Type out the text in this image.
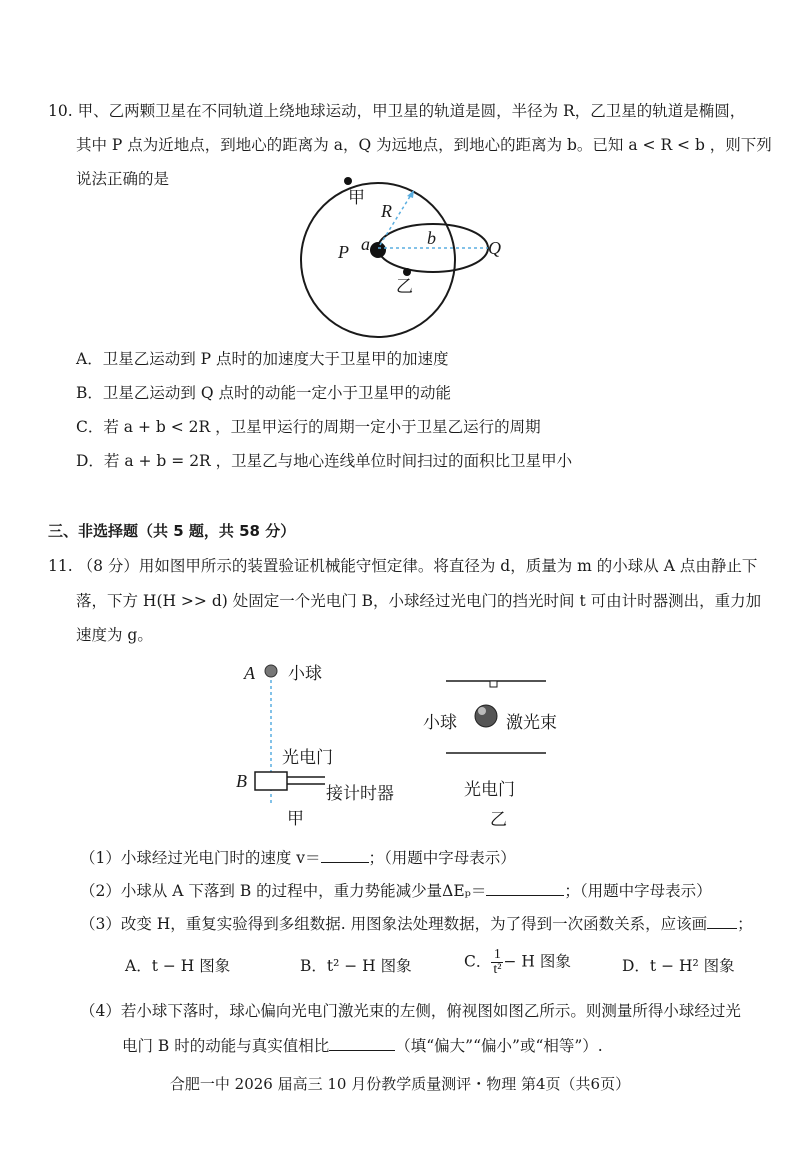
10. 甲、乙两颗卫星在不同轨道上绕地球运动，甲卫星的轨道是圆，半径为 R，乙卫星的轨道是椭圆，
其中 P 点为近地点，到地心的距离为 a，Q 为远地点，到地心的距离为 b。已知 a < R < b ，则下列
说法正确的是
甲
乙
R
a	b
P	Q
A．卫星乙运动到 P 点时的加速度大于卫星甲的加速度
B．卫星乙运动到 Q 点时的动能一定小于卫星甲的动能
C．若 a + b < 2R ，卫星甲运行的周期一定小于卫星乙运行的周期
D．若 a + b = 2R ，卫星乙与地心连线单位时间扫过的面积比卫星甲小
三、非选择题（共 5 题，共 58 分）
11. （8 分）用如图甲所示的装置验证机械能守恒定律。将直径为 d，质量为 m 的小球从 A 点由静止下
落，下方 H(H >> d) 处固定一个光电门 B，小球经过光电门的挡光时间 t 可由计时器测出，重力加
速度为 g。
A 小球
光电门
B
接计时器
甲
小球	激光束
光电门
乙
（1）小球经过光电门时的速度 v＝	；（用题中字母表示）
（2）小球从 A 下落到 B 的过程中，重力势能减少量ΔEₚ＝	；（用题中字母表示）
（3）改变 H，重复实验得到多组数据. 用图象法处理数据，为了得到一次函数关系，应该画 ；
A．t − H 图象	B．t² − H 图象	C． $\frac{1}{\text{t²}} - H$ 图象	D．t − H² 图象
（4）若小球下落时，球心偏向光电门激光束的左侧，俯视图如图乙所示。则测量所得小球经过光
电门 B 时的动能与真实值相比	（填“偏大”“偏小”或“相等”）.
合肥一中 2026 届高三 10 月份教学质量测评・物理 第4页（共6页）
